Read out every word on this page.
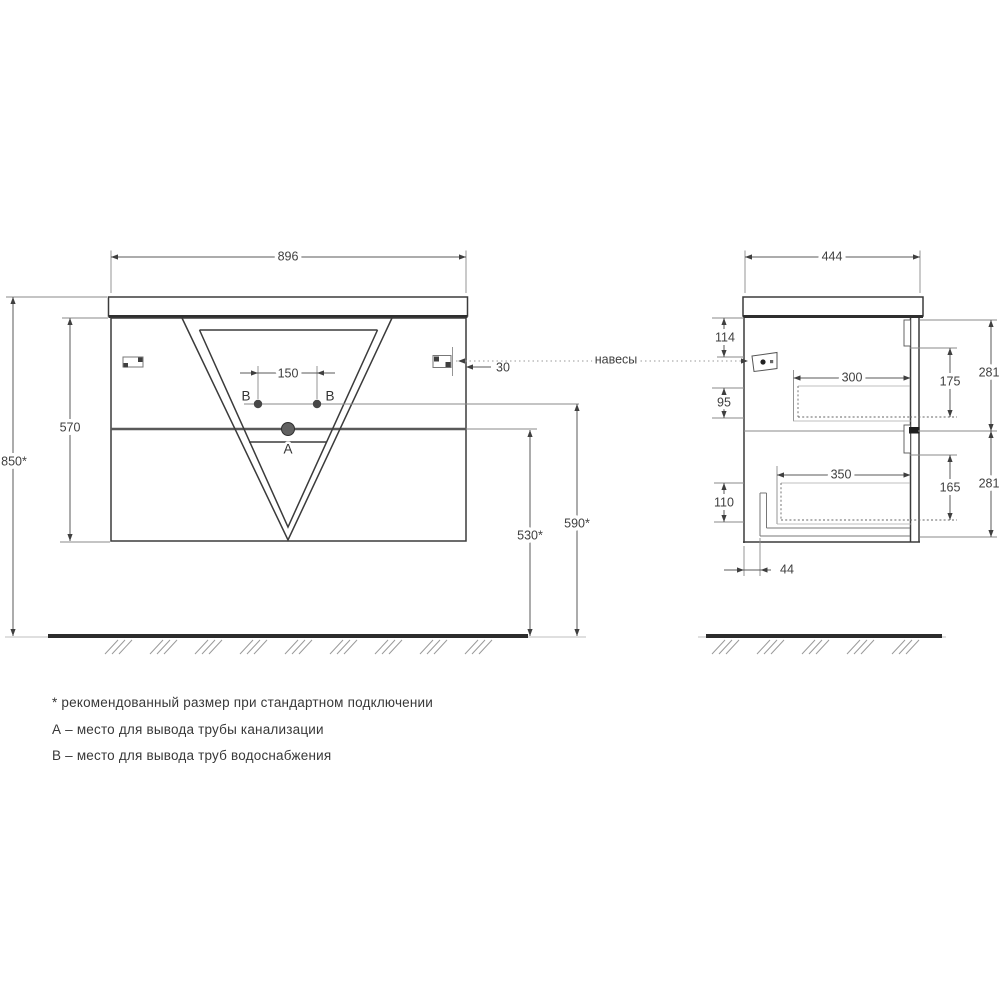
B	B
A
150
896
570
850*
30
530*
590*
навесы
444
114
95
110
300
350
44
175
165
281
281
* рекомендованный размер при стандартном подключении
А – место для вывода трубы канализации
В – место для вывода труб водоснабжения
